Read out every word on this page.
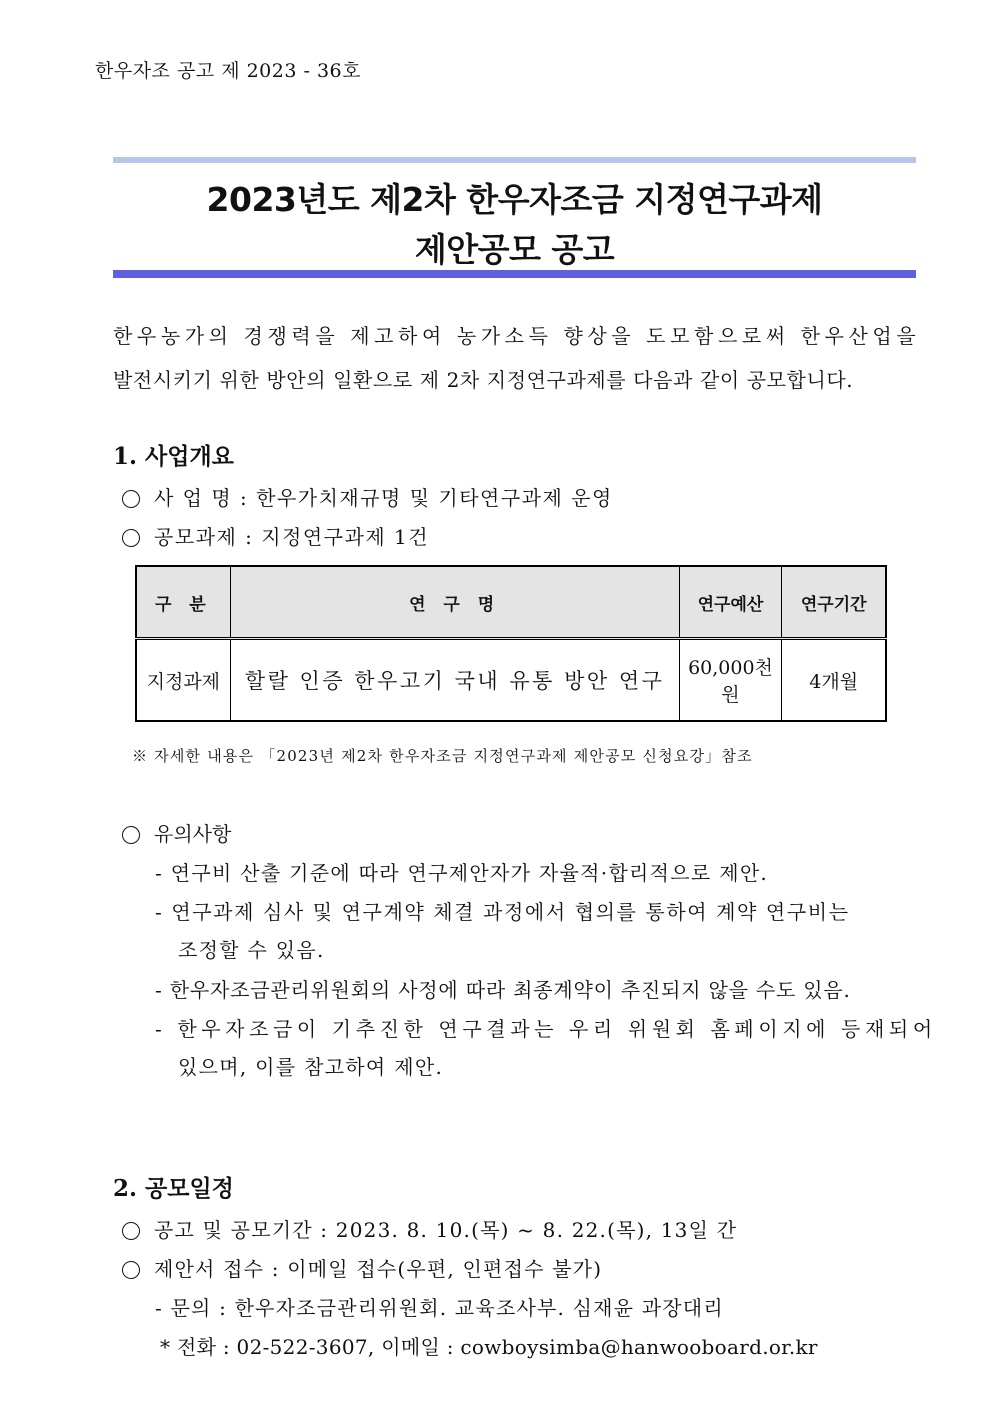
한우자조 공고 제 2023 - 36호
2023년도 제2차 한우자조금 지정연구과제
제안공모 공고
한우농가의 경쟁력을 제고하여 농가소득 향상을 도모함으로써 한우산업을
발전시키기 위한 방안의 일환으로 제 2차 지정연구과제를 다음과 같이 공모합니다.
1. 사업개요
사 업 명 : 한우가치재규명 및 기타연구과제 운영
공모과제 : 지정연구과제 1건
구 분	연 구 명	연구예산	연구기간
지정과제	할랄 인증 한우고기 국내 유통 방안 연구	60,000천원	4개월
※ 자세한 내용은 「2023년 제2차 한우자조금 지정연구과제 제안공모 신청요강」참조
유의사항
- 연구비 산출 기준에 따라 연구제안자가 자율적·합리적으로 제안.
- 연구과제 심사 및 연구계약 체결 과정에서 협의를 통하여 계약 연구비는
조정할 수 있음.
- 한우자조금관리위원회의 사정에 따라 최종계약이 추진되지 않을 수도 있음.
- 한우자조금이 기추진한 연구결과는 우리 위원회 홈페이지에 등재되어
있으며, 이를 참고하여 제안.
2. 공모일정
공고 및 공모기간 : 2023. 8. 10.(목) ~ 8. 22.(목), 13일 간
제안서 접수 : 이메일 접수(우편, 인편접수 불가)
- 문의 : 한우자조금관리위원회. 교육조사부. 심재윤 과장대리
* 전화 : 02-522-3607, 이메일 : cowboysimba@hanwooboard.or.kr
